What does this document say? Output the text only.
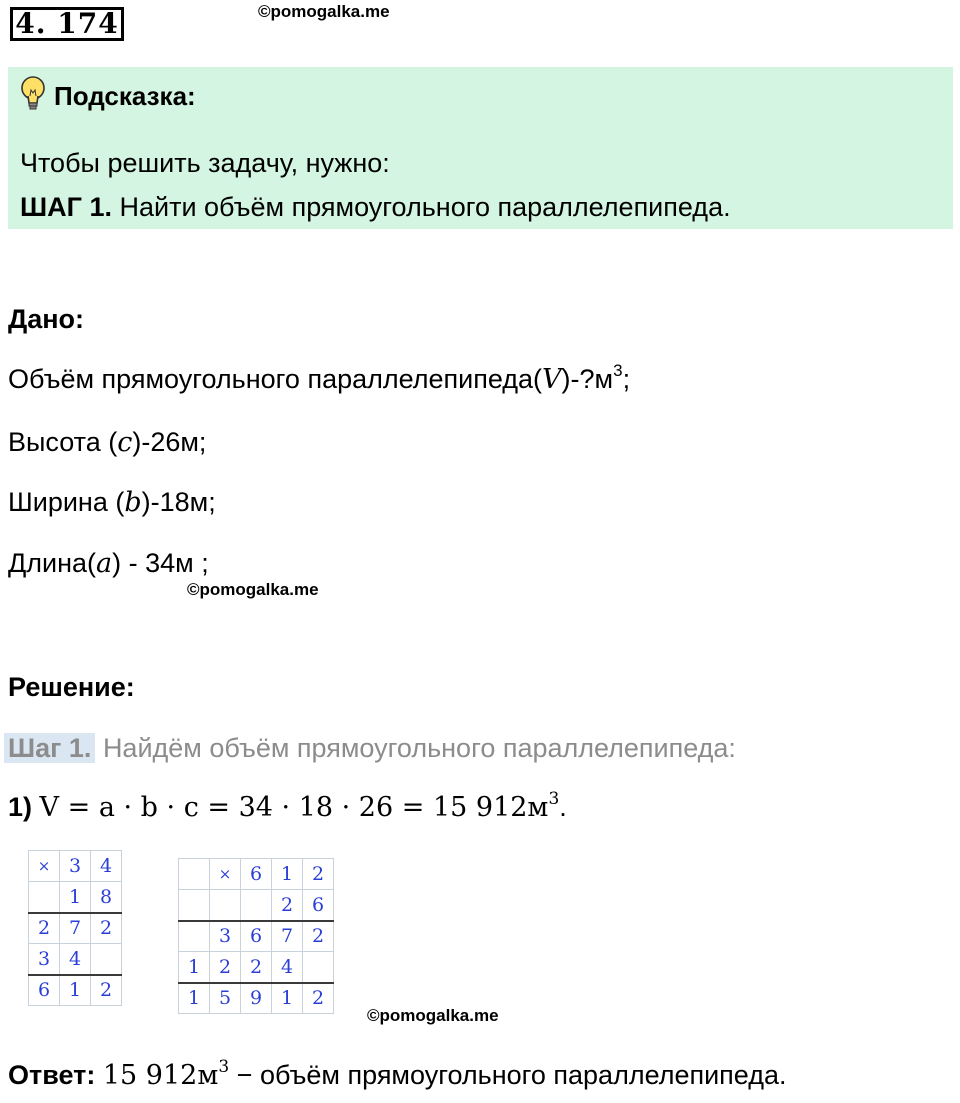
4. 174	©pomogalka.me
Подсказка:
Чтобы решить задачу, нужно:
ШАГ 1. Найти объём прямоугольного параллелепипеда.
Дано:
Объём прямоугольного $параллелепипеда(V)-?м^3$;
Высота (c)-26м;
Ширина (b)-18м;
Длина(a) - 34м ;
©pomogalka.me
Решение:
Шаг 1. Найдём объём прямоугольного параллелепипеда:
1) V = a · b · c = 34 · 18 · 26 = 15 $912м^3$.
×	3	4
	1	8
2	7	2
3	4	
6	1	2
	×	6	1	2
			2	6
	3	6	7	2
1	2	2	4	
1	5	9	1	2
©pomogalka.me
Ответ: 15 $912м^3$ − объём прямоугольного параллелепипеда.
